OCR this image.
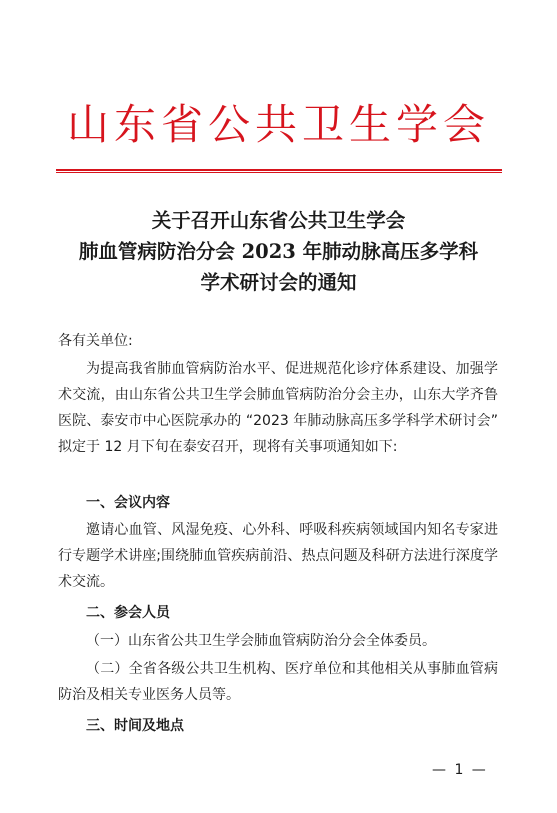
山东省公共卫生学会
关于召开山东省公共卫生学会
肺血管病防治分会 2023 年肺动脉高压多学科
学术研讨会的通知
各有关单位:

为提高我省肺血管病防治水平、促进规范化诊疗体系建设、加强学术交流，由山东省公共卫生学会肺血管病防治分会主办，山东大学齐鲁医院、泰安市中心医院承办的 “2023 年肺动脉高压多学科学术研讨会” 拟定于 12 月下旬在泰安召开，现将有关事项通知如下:

一、会议内容

邀请心血管、风湿免疫、心外科、呼吸科疾病领域国内知名专家进行专题学术讲座;围绕肺血管疾病前沿、热点问题及科研方法进行深度学术交流。

二、参会人员

（一）山东省公共卫生学会肺血管病防治分会全体委员。

（二）全省各级公共卫生机构、医疗单位和其他相关从事肺血管病防治及相关专业医务人员等。

三、时间及地点
— 1 —
